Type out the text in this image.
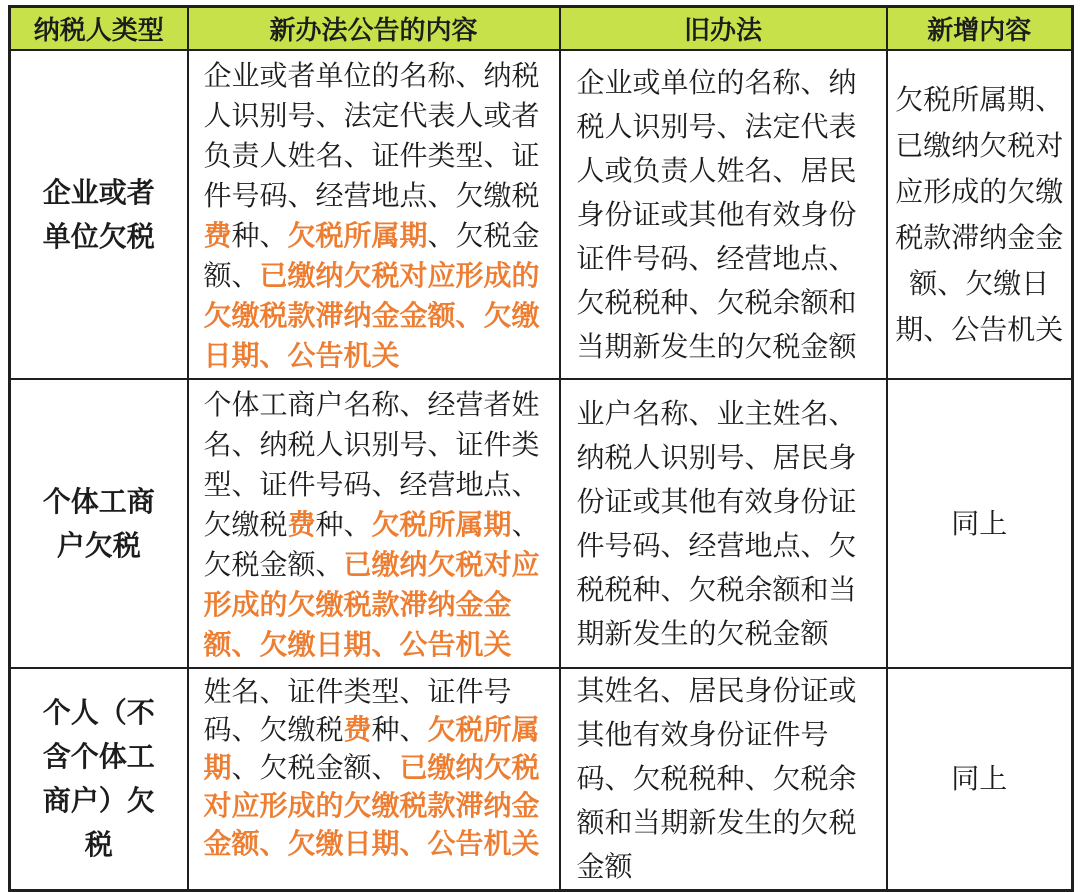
纳税人类型	新办法公告的内容	旧办法	新增内容
企业或者单位欠税	企业或者单位的名称、纳税人识别号、法定代表人或者负责人姓名、证件类型、证件号码、经营地点、欠缴税费种、欠税所属期、欠税金额、已缴纳欠税对应形成的欠缴税款滞纳金金额、欠缴日期、公告机关	企业或单位的名称、纳税人识别号、法定代表人或负责人姓名、居民身份证或其他有效身份证件号码、经营地点、欠税税种、欠税余额和当期新发生的欠税金额	欠税所属期、已缴纳欠税对应形成的欠缴税款滞纳金金额、欠缴日期、公告机关
个体工商户欠税	个体工商户名称、经营者姓名、纳税人识别号、证件类型、证件号码、经营地点、欠缴税费种、欠税所属期、欠税金额、已缴纳欠税对应形成的欠缴税款滞纳金金额、欠缴日期、公告机关	业户名称、业主姓名、纳税人识别号、居民身份证或其他有效身份证件号码、经营地点、欠税税种、欠税余额和当期新发生的欠税金额	同上
个人（不含个体工商户）欠税	姓名、证件类型、证件号码、欠缴税费种、欠税所属期、欠税金额、已缴纳欠税对应形成的欠缴税款滞纳金金额、欠缴日期、公告机关	其姓名、居民身份证或其他有效身份证件号码、欠税税种、欠税余额和当期新发生的欠税金额	同上
